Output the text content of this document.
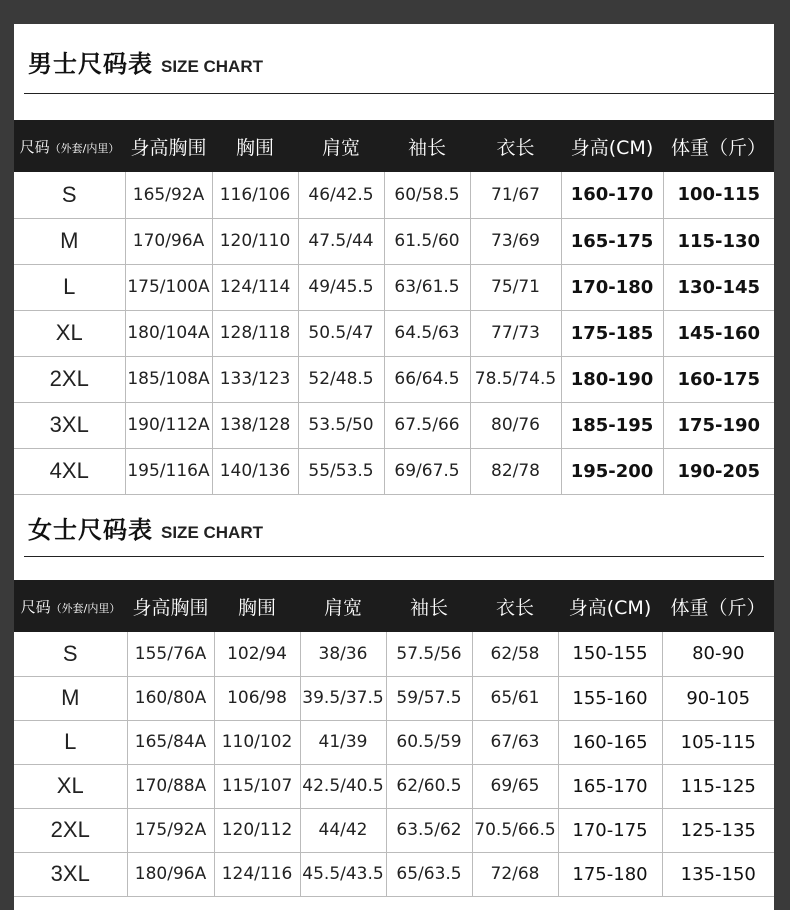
男士尺码表 SIZE CHART
尺码（外套/内里）	身高胸围	胸围	肩宽	袖长	衣长	身高(CM)	体重（斤）
S	165/92A	116/106	46/42.5	60/58.5	71/67	160-170	100-115
M	170/96A	120/110	47.5/44	61.5/60	73/69	165-175	115-130
L	175/100A	124/114	49/45.5	63/61.5	75/71	170-180	130-145
XL	180/104A	128/118	50.5/47	64.5/63	77/73	175-185	145-160
2XL	185/108A	133/123	52/48.5	66/64.5	78.5/74.5	180-190	160-175
3XL	190/112A	138/128	53.5/50	67.5/66	80/76	185-195	175-190
4XL	195/116A	140/136	55/53.5	69/67.5	82/78	195-200	190-205
女士尺码表 SIZE CHART
尺码（外套/内里）	身高胸围	胸围	肩宽	袖长	衣长	身高(CM)	体重（斤）
S	155/76A	102/94	38/36	57.5/56	62/58	150-155	80-90
M	160/80A	106/98	39.5/37.5	59/57.5	65/61	155-160	90-105
L	165/84A	110/102	41/39	60.5/59	67/63	160-165	105-115
XL	170/88A	115/107	42.5/40.5	62/60.5	69/65	165-170	115-125
2XL	175/92A	120/112	44/42	63.5/62	70.5/66.5	170-175	125-135
3XL	180/96A	124/116	45.5/43.5	65/63.5	72/68	175-180	135-150
